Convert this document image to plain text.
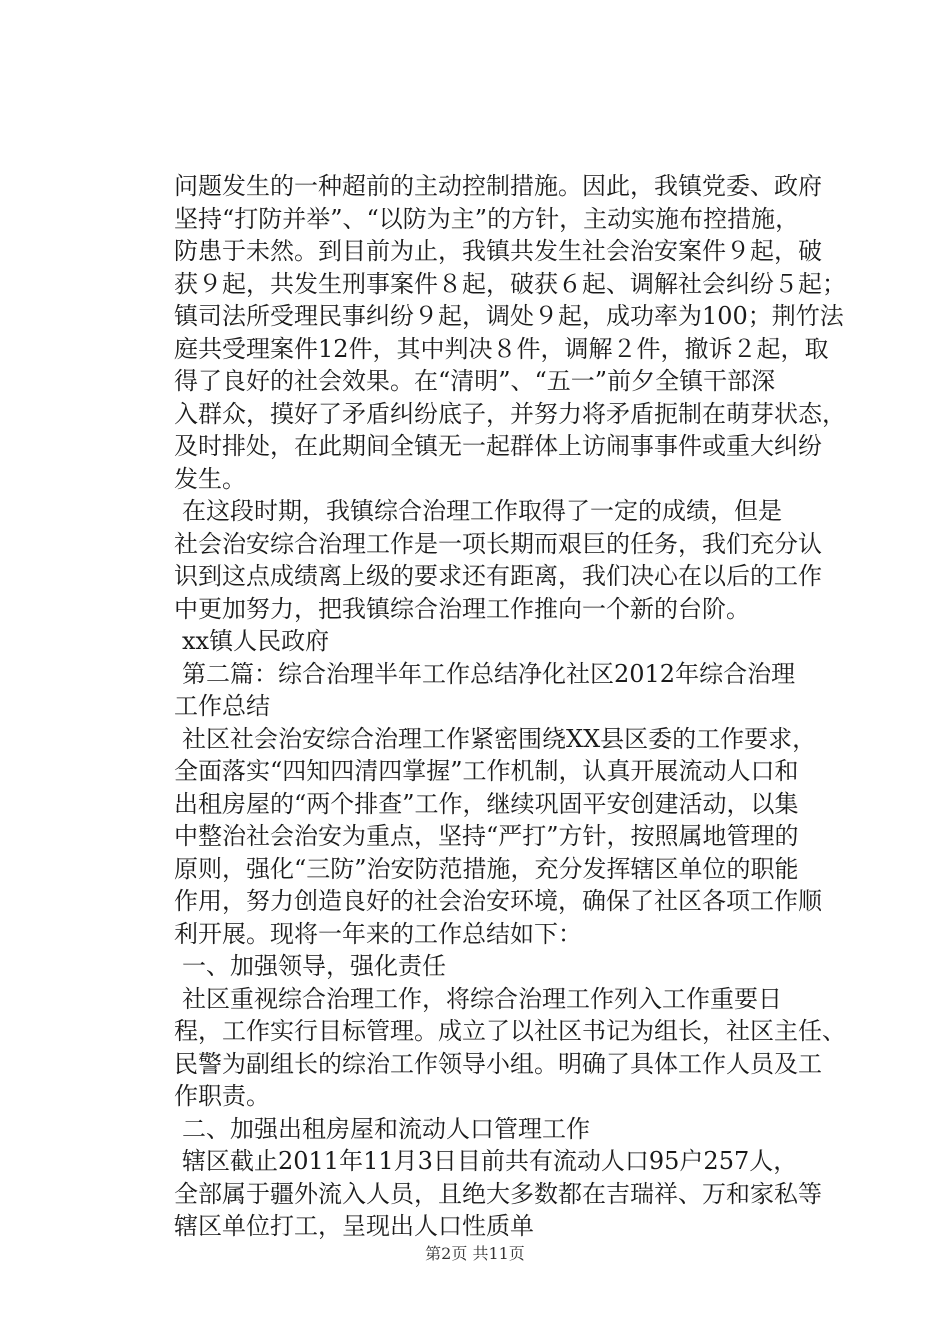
问题发生的一种超前的主动控制措施。因此，我镇党委、政府
坚持“打防并举”、“以防为主”的方针，主动实施布控措施，
防患于未然。到目前为止，我镇共发生社会治安案件９起，破
获９起，共发生刑事案件８起，破获６起、调解社会纠纷５起；
镇司法所受理民事纠纷９起，调处９起，成功率为100；荆竹法
庭共受理案件12件，其中判决８件，调解２件，撤诉２起，取
得了良好的社会效果。在“清明”、“五一”前夕全镇干部深
入群众，摸好了矛盾纠纷底子，并努力将矛盾扼制在萌芽状态，
及时排处，在此期间全镇无一起群体上访闹事事件或重大纠纷
发生。
在这段时期，我镇综合治理工作取得了一定的成绩，但是
社会治安综合治理工作是一项长期而艰巨的任务，我们充分认
识到这点成绩离上级的要求还有距离，我们决心在以后的工作
中更加努力，把我镇综合治理工作推向一个新的台阶。
xx镇人民政府
第二篇：综合治理半年工作总结净化社区2012年综合治理
工作总结
社区社会治安综合治理工作紧密围绕XX县区委的工作要求，
全面落实“四知四清四掌握”工作机制，认真开展流动人口和
出租房屋的“两个排查”工作，继续巩固平安创建活动，以集
中整治社会治安为重点，坚持“严打”方针，按照属地管理的
原则，强化“三防”治安防范措施，充分发挥辖区单位的职能
作用，努力创造良好的社会治安环境，确保了社区各项工作顺
利开展。现将一年来的工作总结如下：
一、加强领导，强化责任
社区重视综合治理工作，将综合治理工作列入工作重要日
程，工作实行目标管理。成立了以社区书记为组长，社区主任、
民警为副组长的综治工作领导小组。明确了具体工作人员及工
作职责。
二、加强出租房屋和流动人口管理工作
辖区截止2011年11月3日目前共有流动人口95户257人，
全部属于疆外流入人员，且绝大多数都在吉瑞祥、万和家私等
辖区单位打工，呈现出人口性质单
第2页 共11页
